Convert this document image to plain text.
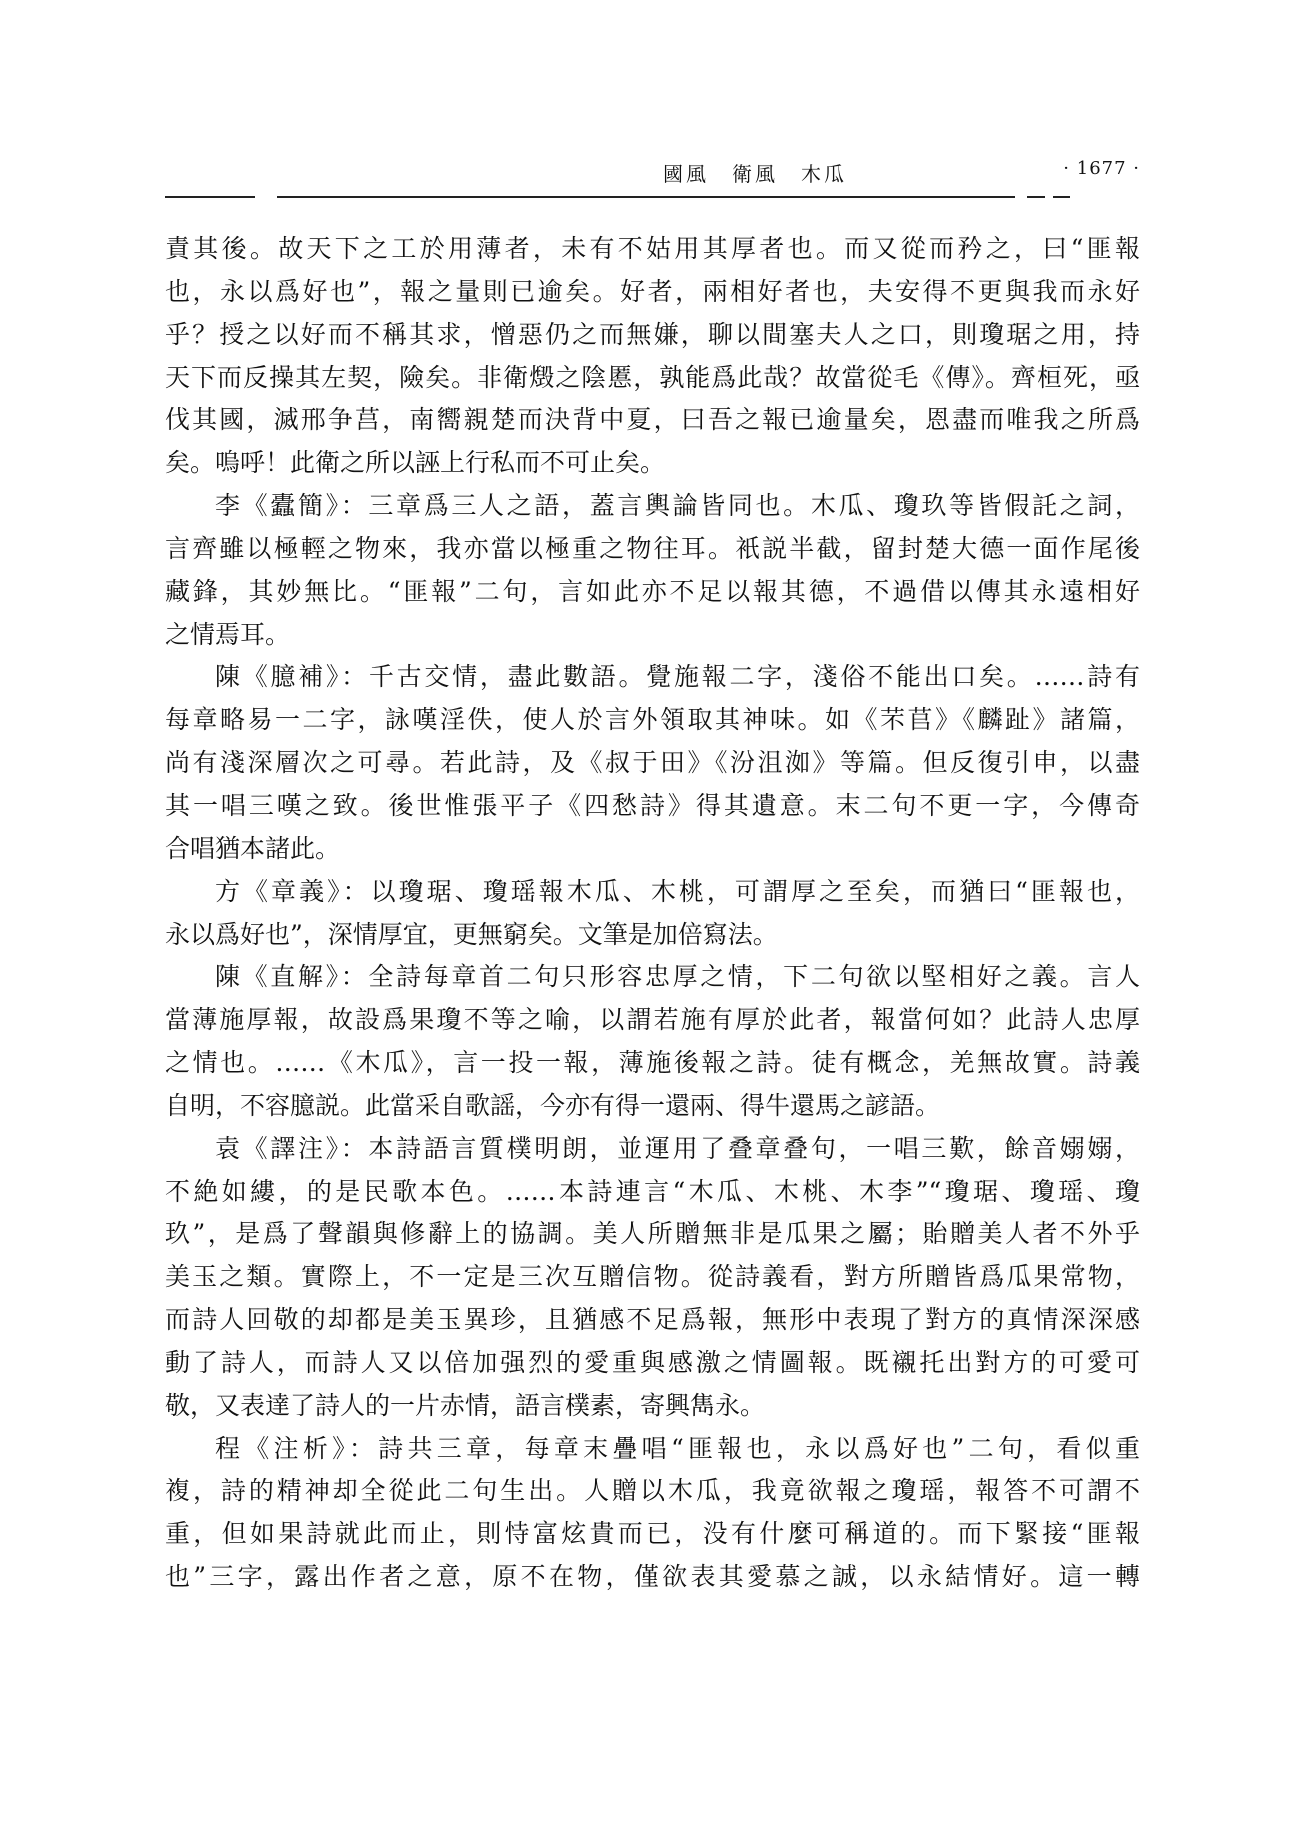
國風　衛風　木瓜	· 1677 ·
責其後。故天下之工於用薄者，未有不姑用其厚者也。而又從而矜之，曰“匪報
也，永以爲好也”，報之量則已逾矣。好者，兩相好者也，夫安得不更與我而永好
乎？授之以好而不稱其求，憎惡仍之而無嫌，聊以間塞夫人之口，則瓊琚之用，持
天下而反操其左契，險矣。非衛燬之陰慝，孰能爲此哉？故當從毛《傳》。齊桓死，亟
伐其國，滅邢争莒，南嚮親楚而決背中夏，曰吾之報已逾量矣，恩盡而唯我之所爲
矣。嗚呼！此衛之所以誣上行私而不可止矣。
李《蠹簡》：三章爲三人之語，蓋言輿論皆同也。木瓜、瓊玖等皆假託之詞，
言齊雖以極輕之物來，我亦當以極重之物往耳。衹説半截，留封楚大德一面作尾後
藏鋒，其妙無比。“匪報”二句，言如此亦不足以報其德，不過借以傳其永遠相好
之情焉耳。
陳《臆補》：千古交情，盡此數語。覺施報二字，淺俗不能出口矣。……詩有
每章略易一二字，詠嘆淫佚，使人於言外領取其神味。如《芣苢》《麟趾》諸篇，
尚有淺深層次之可尋。若此詩，及《叔于田》《汾沮洳》等篇。但反復引申，以盡
其一唱三嘆之致。後世惟張平子《四愁詩》得其遺意。末二句不更一字，今傳奇
合唱猶本諸此。
方《章義》：以瓊琚、瓊瑶報木瓜、木桃，可謂厚之至矣，而猶曰“匪報也，
永以爲好也”，深情厚宜，更無窮矣。文筆是加倍寫法。
陳《直解》：全詩每章首二句只形容忠厚之情，下二句欲以堅相好之義。言人
當薄施厚報，故設爲果瓊不等之喻，以謂若施有厚於此者，報當何如？此詩人忠厚
之情也。……《木瓜》，言一投一報，薄施後報之詩。徒有概念，羌無故實。詩義
自明，不容臆説。此當采自歌謡，今亦有得一還兩、得牛還馬之諺語。
袁《譯注》：本詩語言質樸明朗，並運用了叠章叠句，一唱三歎，餘音嫋嫋，
不絶如縷，的是民歌本色。……本詩連言“木瓜、木桃、木李”“瓊琚、瓊瑶、瓊
玖”，是爲了聲韻與修辭上的協調。美人所贈無非是瓜果之屬；貽贈美人者不外乎
美玉之類。實際上，不一定是三次互贈信物。從詩義看，對方所贈皆爲瓜果常物，
而詩人回敬的却都是美玉異珍，且猶感不足爲報，無形中表現了對方的真情深深感
動了詩人，而詩人又以倍加强烈的愛重與感激之情圖報。既襯托出對方的可愛可
敬，又表達了詩人的一片赤情，語言樸素，寄興雋永。
程《注析》：詩共三章，每章末疊唱“匪報也，永以爲好也”二句，看似重
複，詩的精神却全從此二句生出。人贈以木瓜，我竟欲報之瓊瑶，報答不可謂不
重，但如果詩就此而止，則恃富炫貴而已，没有什麼可稱道的。而下緊接“匪報
也”三字，露出作者之意，原不在物，僅欲表其愛慕之誠，以永結情好。這一轉
